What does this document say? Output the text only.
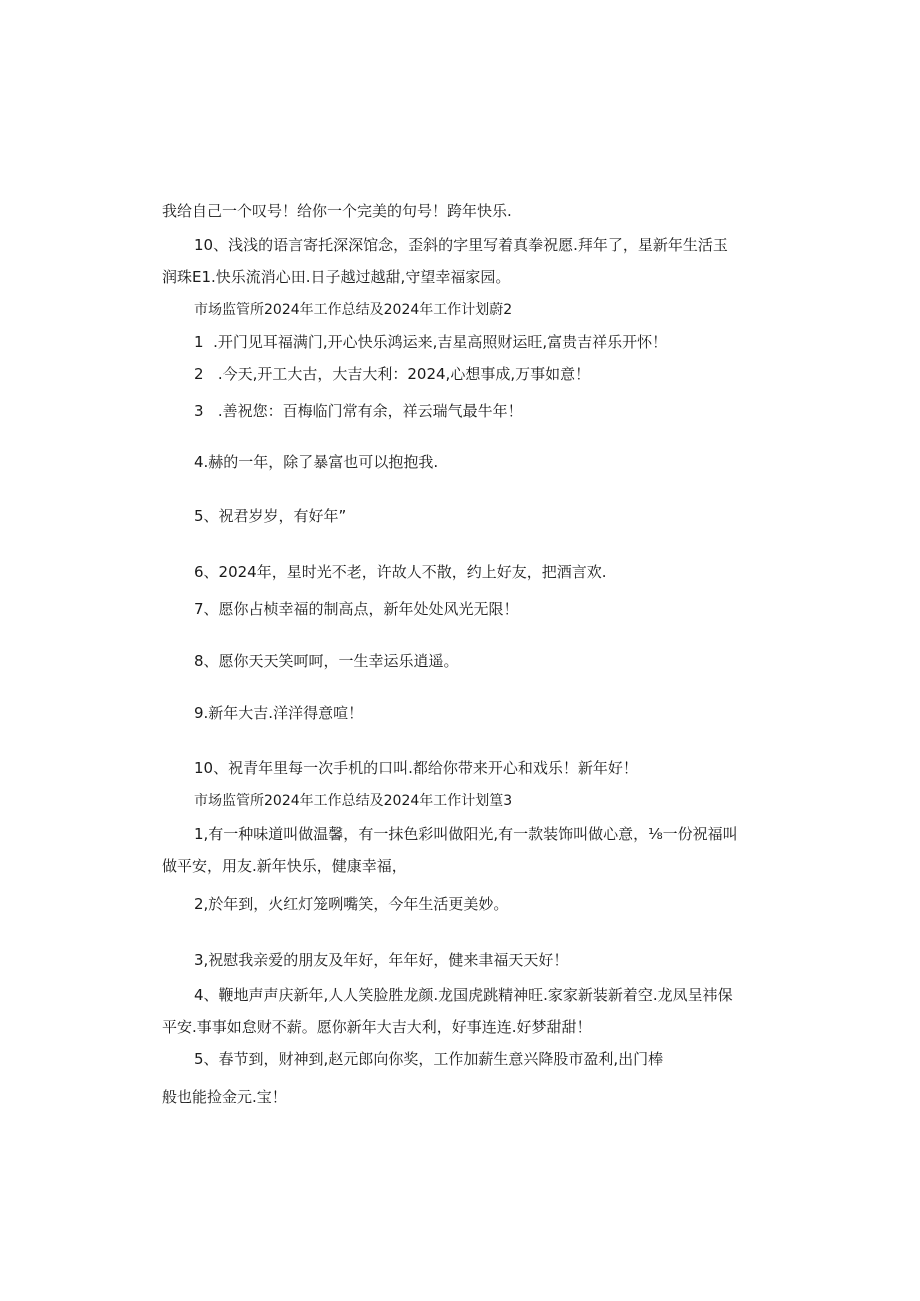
我给自己一个叹号！给你一个完美的句号！跨年快乐.
10、浅浅的语言寄托深深馆念，歪斜的字里写着真拳祝愿.拜年了，星新年生活玉
润珠E1.快乐流消心田.日子越过越甜,守望幸福家园。
市场监管所2024年工作总结及2024年工作计划蔚2
1  .开门见耳福满门,开心快乐鸿运来,吉星高照财运旺,富贵吉祥乐开怀！
2   .今天,开工大古，大吉大利：2024,心想事成,万事如意！
3   .善祝您：百梅临门常有余，祥云瑞气最牛年！
4.赫的一年，除了暴富也可以抱抱我.
5、祝君岁岁，有好年”
6、2024年，星时光不老，许故人不散，约上好友，把酒言欢.
7、愿你占桢幸福的制高点，新年处处风光无限！
8、愿你天天笑呵呵，一生幸运乐逍遥。
9.新年大吉.洋洋得意喧！
10、祝青年里每一次手机的口叫.都给你带来开心和戏乐！新年好！
市场监管所2024年工作总结及2024年工作计划篁3
1,有一种味道叫做温馨，有一抹色彩叫做阳光,有一款装饰叫做心意，⅛一份祝福叫
做平安，用友.新年快乐，健康幸福，
2,於年到，火红灯笼咧嘴笑，今年生活更美妙。
3,祝慰我亲爱的朋友及年好，年年好，健来聿福天天好！
4、鞭地声声庆新年,人人笑脸胜龙颜.龙国虎跳精神旺.家家新装新着空.龙凤呈祎保
平安.事事如怠财不薪。愿你新年大吉大利，好事连连.好梦甜甜！
5、春节到，财神到,赵元郎向你奖，工作加薪生意兴降股市盈利,出门棒
般也能捡金元.宝！
